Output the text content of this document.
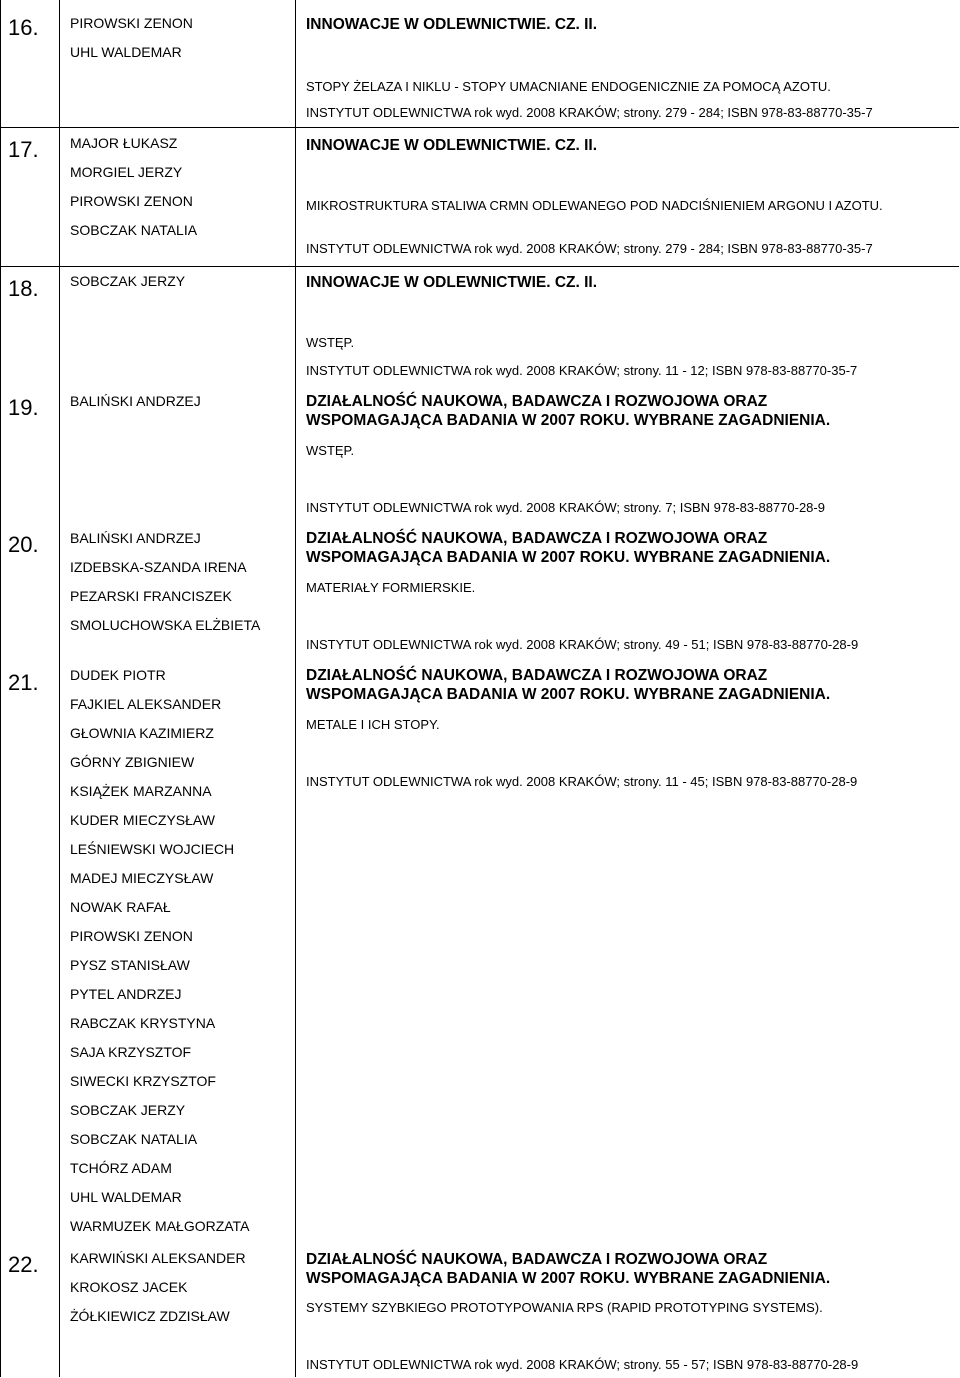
16. PIROWSKI ZENON
UHL WALDEMAR
INNOWACJE W ODLEWNICTWIE. CZ. II.
STOPY ŻELAZA I NIKLU - STOPY UMACNIANE ENDOGENICZNIE ZA POMOCĄ AZOTU.
INSTYTUT ODLEWNICTWA rok wyd. 2008 KRAKÓW; strony. 279 - 284; ISBN 978-83-88770-35-7
17. MAJOR ŁUKASZ
MORGIEL JERZY
PIROWSKI ZENON
SOBCZAK NATALIA
INNOWACJE W ODLEWNICTWIE. CZ. II.
MIKROSTRUKTURA STALIWA CRMN ODLEWANEGO POD NADCIŚNIENIEM ARGONU I AZOTU.
INSTYTUT ODLEWNICTWA rok wyd. 2008 KRAKÓW; strony. 279 - 284; ISBN 978-83-88770-35-7
18. SOBCZAK JERZY	INNOWACJE W ODLEWNICTWIE. CZ. II.
WSTĘP.
INSTYTUT ODLEWNICTWA rok wyd. 2008 KRAKÓW; strony. 11 - 12; ISBN 978-83-88770-35-7
19. BALIŃSKI ANDRZEJ	DZIAŁALNOŚĆ NAUKOWA, BADAWCZA I ROZWOJOWA ORAZ
WSPOMAGAJĄCA BADANIA W 2007 ROKU. WYBRANE ZAGADNIENIA.
WSTĘP.
INSTYTUT ODLEWNICTWA rok wyd. 2008 KRAKÓW; strony. 7; ISBN 978-83-88770-28-9
20. BALIŃSKI ANDRZEJ
IZDEBSKA-SZANDA IRENA
PEZARSKI FRANCISZEK
SMOLUCHOWSKA ELŻBIETA
DZIAŁALNOŚĆ NAUKOWA, BADAWCZA I ROZWOJOWA ORAZ
WSPOMAGAJĄCA BADANIA W 2007 ROKU. WYBRANE ZAGADNIENIA.
MATERIAŁY FORMIERSKIE.
INSTYTUT ODLEWNICTWA rok wyd. 2008 KRAKÓW; strony. 49 - 51; ISBN 978-83-88770-28-9
21. DUDEK PIOTR
FAJKIEL ALEKSANDER
GŁOWNIA KAZIMIERZ
GÓRNY ZBIGNIEW
KSIĄŻEK MARZANNA
KUDER MIECZYSŁAW
LEŚNIEWSKI WOJCIECH
MADEJ MIECZYSŁAW
NOWAK RAFAŁ
PIROWSKI ZENON
PYSZ STANISŁAW
PYTEL ANDRZEJ
RABCZAK KRYSTYNA
SAJA KRZYSZTOF
SIWECKI KRZYSZTOF
SOBCZAK JERZY
SOBCZAK NATALIA
TCHÓRZ ADAM
UHL WALDEMAR
WARMUZEK MAŁGORZATA
DZIAŁALNOŚĆ NAUKOWA, BADAWCZA I ROZWOJOWA ORAZ
WSPOMAGAJĄCA BADANIA W 2007 ROKU. WYBRANE ZAGADNIENIA.
METALE I ICH STOPY.
INSTYTUT ODLEWNICTWA rok wyd. 2008 KRAKÓW; strony. 11 - 45; ISBN 978-83-88770-28-9
22. KARWIŃSKI ALEKSANDER
KROKOSZ JACEK
ŻÓŁKIEWICZ ZDZISŁAW
DZIAŁALNOŚĆ NAUKOWA, BADAWCZA I ROZWOJOWA ORAZ
WSPOMAGAJĄCA BADANIA W 2007 ROKU. WYBRANE ZAGADNIENIA.
SYSTEMY SZYBKIEGO PROTOTYPOWANIA RPS (RAPID PROTOTYPING SYSTEMS).
INSTYTUT ODLEWNICTWA rok wyd. 2008 KRAKÓW; strony. 55 - 57; ISBN 978-83-88770-28-9
